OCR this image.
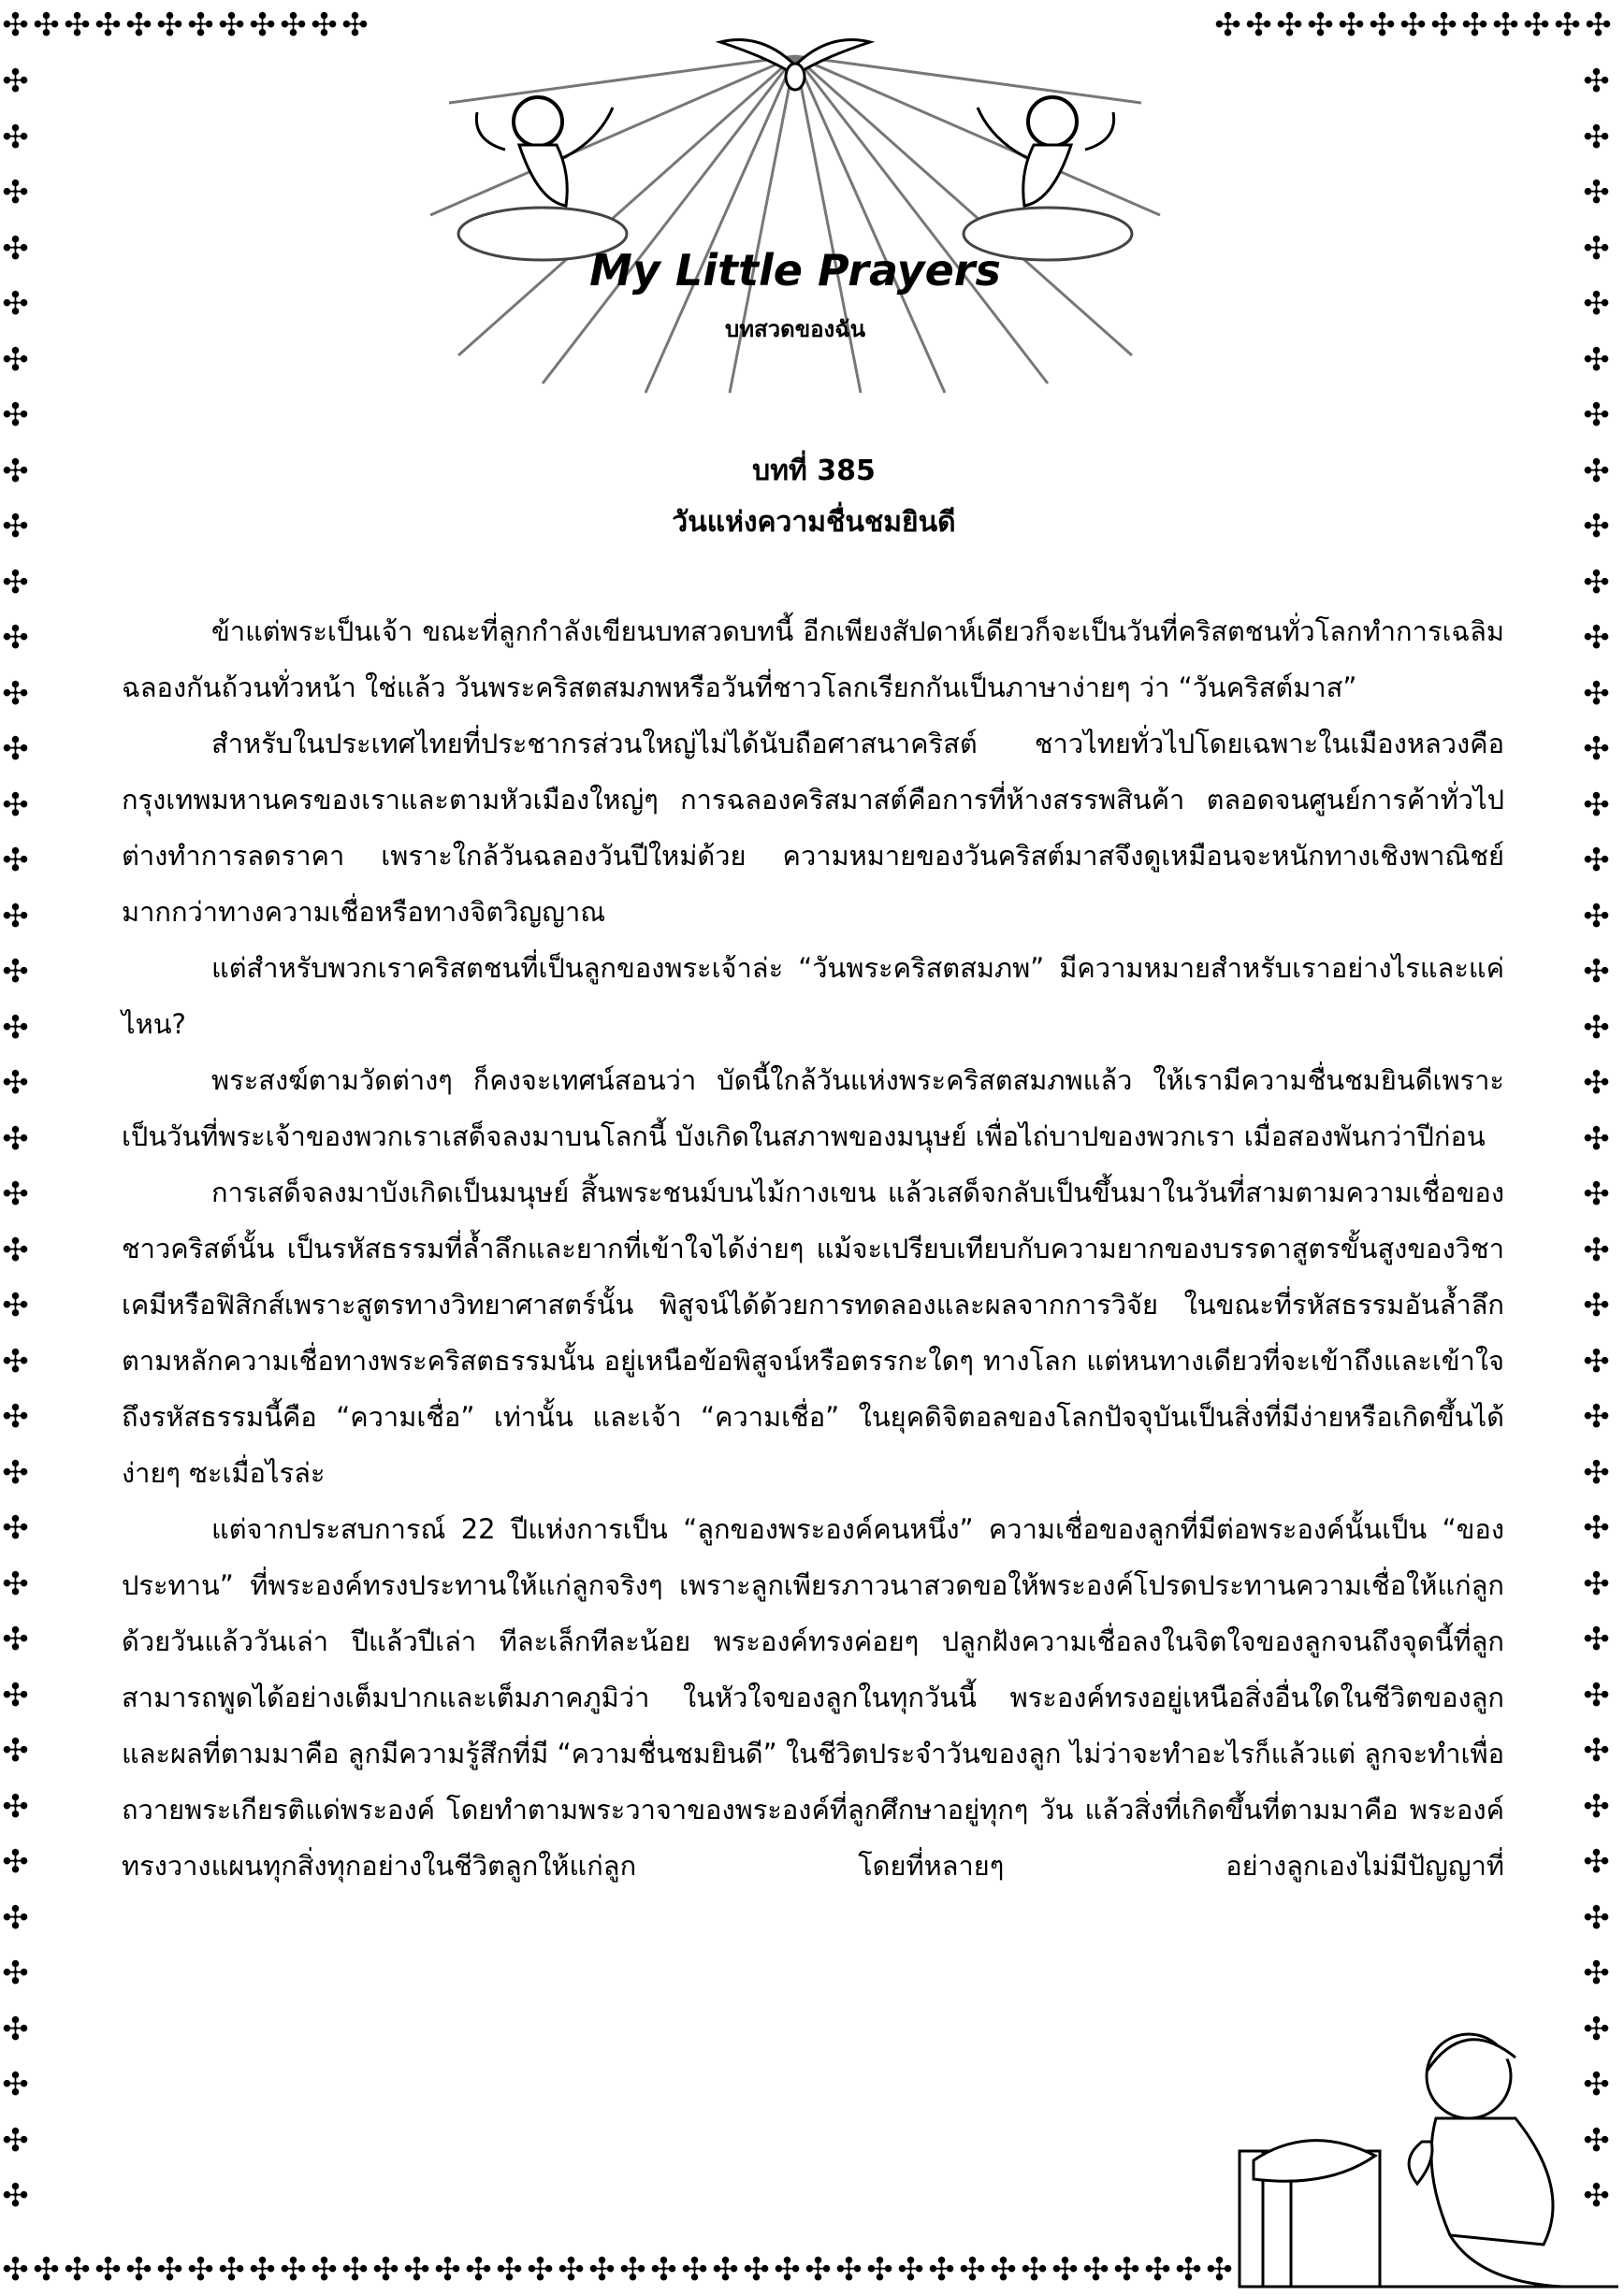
✣ ✣ ✣ ✣ ✣ ✣ ✣ ✣ ✣ ✣ ✣ ✣	✣ ✣ ✣ ✣ ✣ ✣ ✣ ✣ ✣ ✣ ✣ ✣ ✣
✣ ✣ ✣ ✣ ✣ ✣ ✣ ✣ ✣ ✣ ✣ ✣ ✣ ✣ ✣ ✣ ✣ ✣ ✣ ✣ ✣ ✣ ✣ ✣ ✣ ✣ ✣ ✣ ✣ ✣ ✣ ✣ ✣ ✣ ✣ ✣ ✣ ✣ ✣ ✣
✣
✣
✣
✣
✣
✣
✣
✣
✣
✣
✣
✣
✣
✣
✣
✣
✣
✣
✣
✣
✣
✣
✣
✣
✣
✣
✣
✣
✣
✣
✣
✣
✣
✣
✣
✣
✣
✣
✣
✣
✣
✣
✣
✣
✣
✣
✣
✣
✣
✣
✣
✣
✣
✣
✣
✣
✣
✣
✣
✣
✣
✣
✣
✣
✣
✣
✣
✣
✣
✣
✣
✣
✣
✣
✣
✣
✣
✣
My Little Prayers
บทสวดของฉัน
บทที่ 385
วันแห่งความชื่นชมยินดี

ข้าแต่พระเป็นเจ้า ขณะที่ลูกกำลังเขียนบทสวดบทนี้ อีกเพียงสัปดาห์เดียวก็จะเป็นวันที่คริสตชนทั่วโลกทำการเฉลิมฉลองกันถ้วนทั่วหน้า ใช่แล้ว วันพระคริสตสมภพหรือวันที่ชาวโลกเรียกกันเป็นภาษาง่ายๆ ว่า “วันคริสต์มาส”

สำหรับในประเทศไทยที่ประชากรส่วนใหญ่ไม่ได้นับถือศาสนาคริสต์ ชาวไทยทั่วไปโดยเฉพาะในเมืองหลวงคือกรุงเทพมหานครของเราและตามหัวเมืองใหญ่ๆ การฉลองคริสมาสต์คือการที่ห้างสรรพสินค้า ตลอดจนศูนย์การค้าทั่วไปต่างทำการลดราคา เพราะใกล้วันฉลองวันปีใหม่ด้วย ความหมายของวันคริสต์มาสจึงดูเหมือนจะหนักทางเชิงพาณิชย์มากกว่าทางความเชื่อหรือทางจิตวิญญาณ

แต่สำหรับพวกเราคริสตชนที่เป็นลูกของพระเจ้าล่ะ “วันพระคริสตสมภพ” มีความหมายสำหรับเราอย่างไรและแค่ไหน?

พระสงฆ์ตามวัดต่างๆ ก็คงจะเทศน์สอนว่า บัดนี้ใกล้วันแห่งพระคริสตสมภพแล้ว ให้เรามีความชื่นชมยินดีเพราะเป็นวันที่พระเจ้าของพวกเราเสด็จลงมาบนโลกนี้ บังเกิดในสภาพของมนุษย์ เพื่อไถ่บาปของพวกเรา เมื่อสองพันกว่าปีก่อน

การเสด็จลงมาบังเกิดเป็นมนุษย์ สิ้นพระชนม์บนไม้กางเขน แล้วเสด็จกลับเป็นขึ้นมาในวันที่สามตามความเชื่อของชาวคริสต์นั้น เป็นรหัสธรรมที่ล้ำลึกและยากที่เข้าใจได้ง่ายๆ แม้จะเปรียบเทียบกับความยากของบรรดาสูตรขั้นสูงของวิชาเคมีหรือฟิสิกส์เพราะสูตรทางวิทยาศาสตร์นั้น พิสูจน์ได้ด้วยการทดลองและผลจากการวิจัย ในขณะที่รหัสธรรมอันล้ำลึกตามหลักความเชื่อทางพระคริสตธรรมนั้น อยู่เหนือข้อพิสูจน์หรือตรรกะใดๆ ทางโลก แต่หนทางเดียวที่จะเข้าถึงและเข้าใจถึงรหัสธรรมนี้คือ “ความเชื่อ” เท่านั้น และเจ้า “ความเชื่อ” ในยุคดิจิตอลของโลกปัจจุบันเป็นสิ่งที่มีง่ายหรือเกิดขึ้นได้ง่ายๆ ซะเมื่อไรล่ะ

แต่จากประสบการณ์ 22 ปีแห่งการเป็น “ลูกของพระองค์คนหนึ่ง” ความเชื่อของลูกที่มีต่อพระองค์นั้นเป็น “ของประทาน” ที่พระองค์ทรงประทานให้แก่ลูกจริงๆ เพราะลูกเพียรภาวนาสวดขอให้พระองค์โปรดประทานความเชื่อให้แก่ลูกด้วยวันแล้ววันเล่า ปีแล้วปีเล่า ทีละเล็กทีละน้อย พระองค์ทรงค่อยๆ ปลูกฝังความเชื่อลงในจิตใจของลูกจนถึงจุดนี้ที่ลูกสามารถพูดได้อย่างเต็มปากและเต็มภาคภูมิว่า ในหัวใจของลูกในทุกวันนี้ พระองค์ทรงอยู่เหนือสิ่งอื่นใดในชีวิตของลูก และผลที่ตามมาคือ ลูกมีความรู้สึกที่มี “ความชื่นชมยินดี” ในชีวิตประจำวันของลูก ไม่ว่าจะทำอะไรก็แล้วแต่ ลูกจะทำเพื่อถวายพระเกียรติแด่พระองค์ โดยทำตามพระวาจาของพระองค์ที่ลูกศึกษาอยู่ทุกๆ วัน แล้วสิ่งที่เกิดขึ้นที่ตามมาคือ พระองค์ทรงวางแผนทุกสิ่งทุกอย่างในชีวิตลูกให้แก่ลูก โดยที่หลายๆ อย่างลูกเองไม่มีปัญญาที่
